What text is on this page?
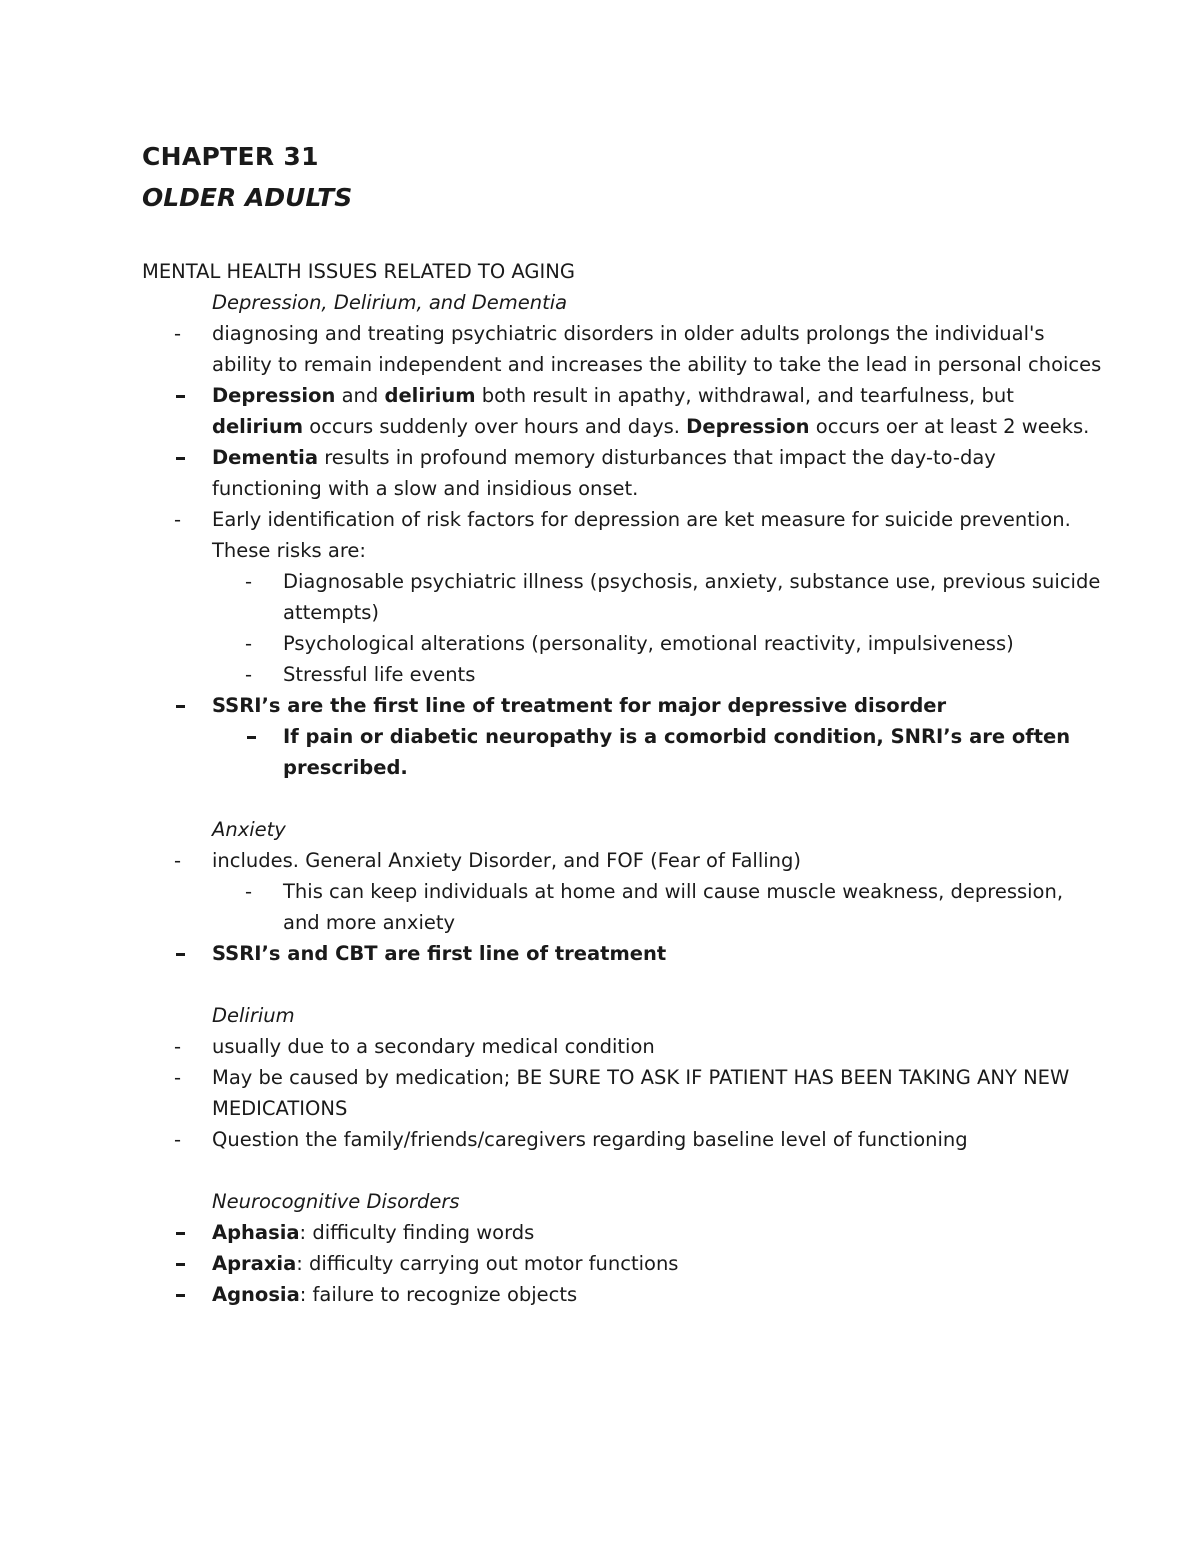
CHAPTER 31
OLDER ADULTS

MENTAL HEALTH ISSUES RELATED TO AGING

Depression, Delirium, and Dementia

-
diagnosing and treating psychiatric disorders in older adults prolongs the individual's ability to remain independent and increases the ability to take the lead in personal choices
Depression and delirium both result in apathy, withdrawal, and tearfulness, but delirium occurs suddenly over hours and days. Depression occurs oer at least 2 weeks.
Dementia results in profound memory disturbances that impact the day-to-day functioning with a slow and insidious onset.
-
Early identification of risk factors for depression are ket measure for suicide prevention. These risks are:
-
Diagnosable psychiatric illness (psychosis, anxiety, substance use, previous suicide attempts)
-
Psychological alterations (personality, emotional reactivity, impulsiveness)
-
Stressful life events
SSRI’s are the first line of treatment for major depressive disorder
If pain or diabetic neuropathy is a comorbid condition, SNRI’s are often prescribed.

Anxiety

-
includes. General Anxiety Disorder, and FOF (Fear of Falling)
-
This can keep individuals at home and will cause muscle weakness, depression, and more anxiety
SSRI’s and CBT are first line of treatment

Delirium

-
usually due to a secondary medical condition
-
May be caused by medication; BE SURE TO ASK IF PATIENT HAS BEEN TAKING ANY NEW MEDICATIONS
-
Question the family/friends/caregivers regarding baseline level of functioning

Neurocognitive Disorders

Aphasia: difficulty finding words
Apraxia: difficulty carrying out motor functions
Agnosia: failure to recognize objects
